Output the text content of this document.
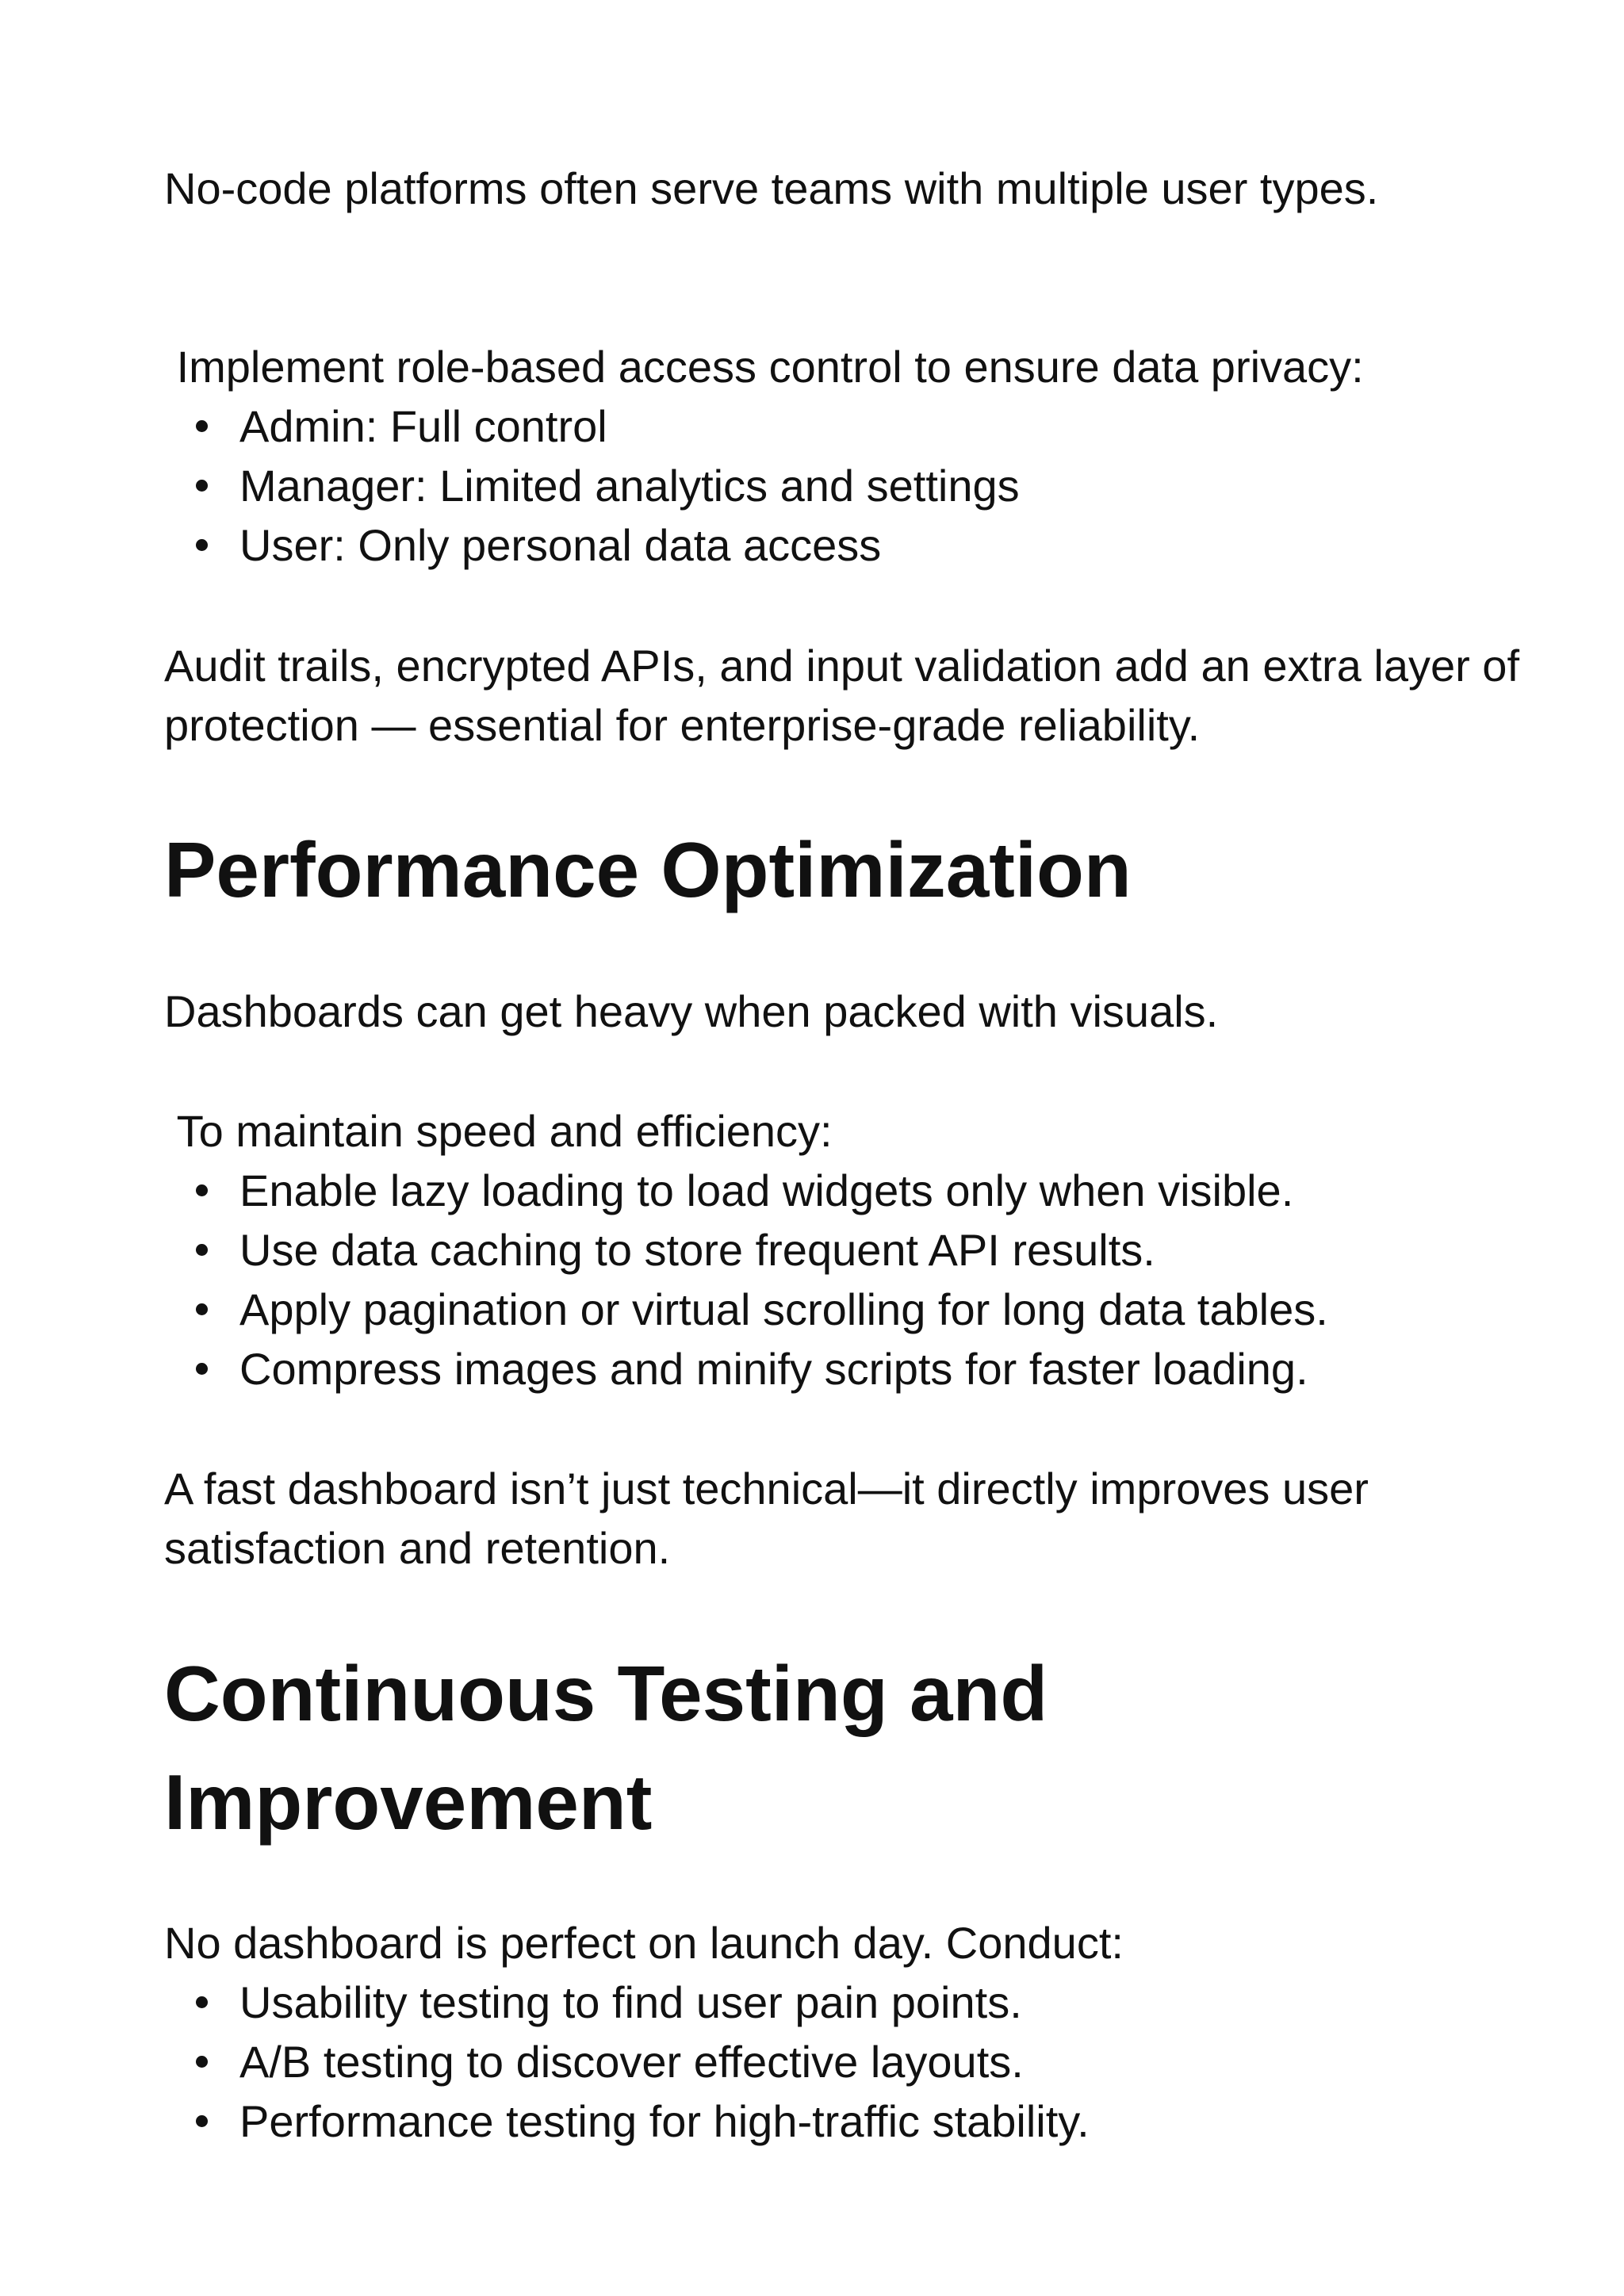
No-code platforms often serve teams with multiple user types.

Implement role-based access control to ensure data privacy:

Admin: Full control
Manager: Limited analytics and settings
User: Only personal data access

Audit trails, encrypted APIs, and input validation add an extra layer of protection — essential for enterprise-grade reliability.

Performance Optimization

Dashboards can get heavy when packed with visuals.

To maintain speed and efficiency:

Enable lazy loading to load widgets only when visible.
Use data caching to store frequent API results.
Apply pagination or virtual scrolling for long data tables.
Compress images and minify scripts for faster loading.

A fast dashboard isn’t just technical—it directly improves user satisfaction and retention.

Continuous Testing and Improvement

No dashboard is perfect on launch day. Conduct:

Usability testing to find user pain points.
A/B testing to discover effective layouts.
Performance testing for high-traffic stability.
